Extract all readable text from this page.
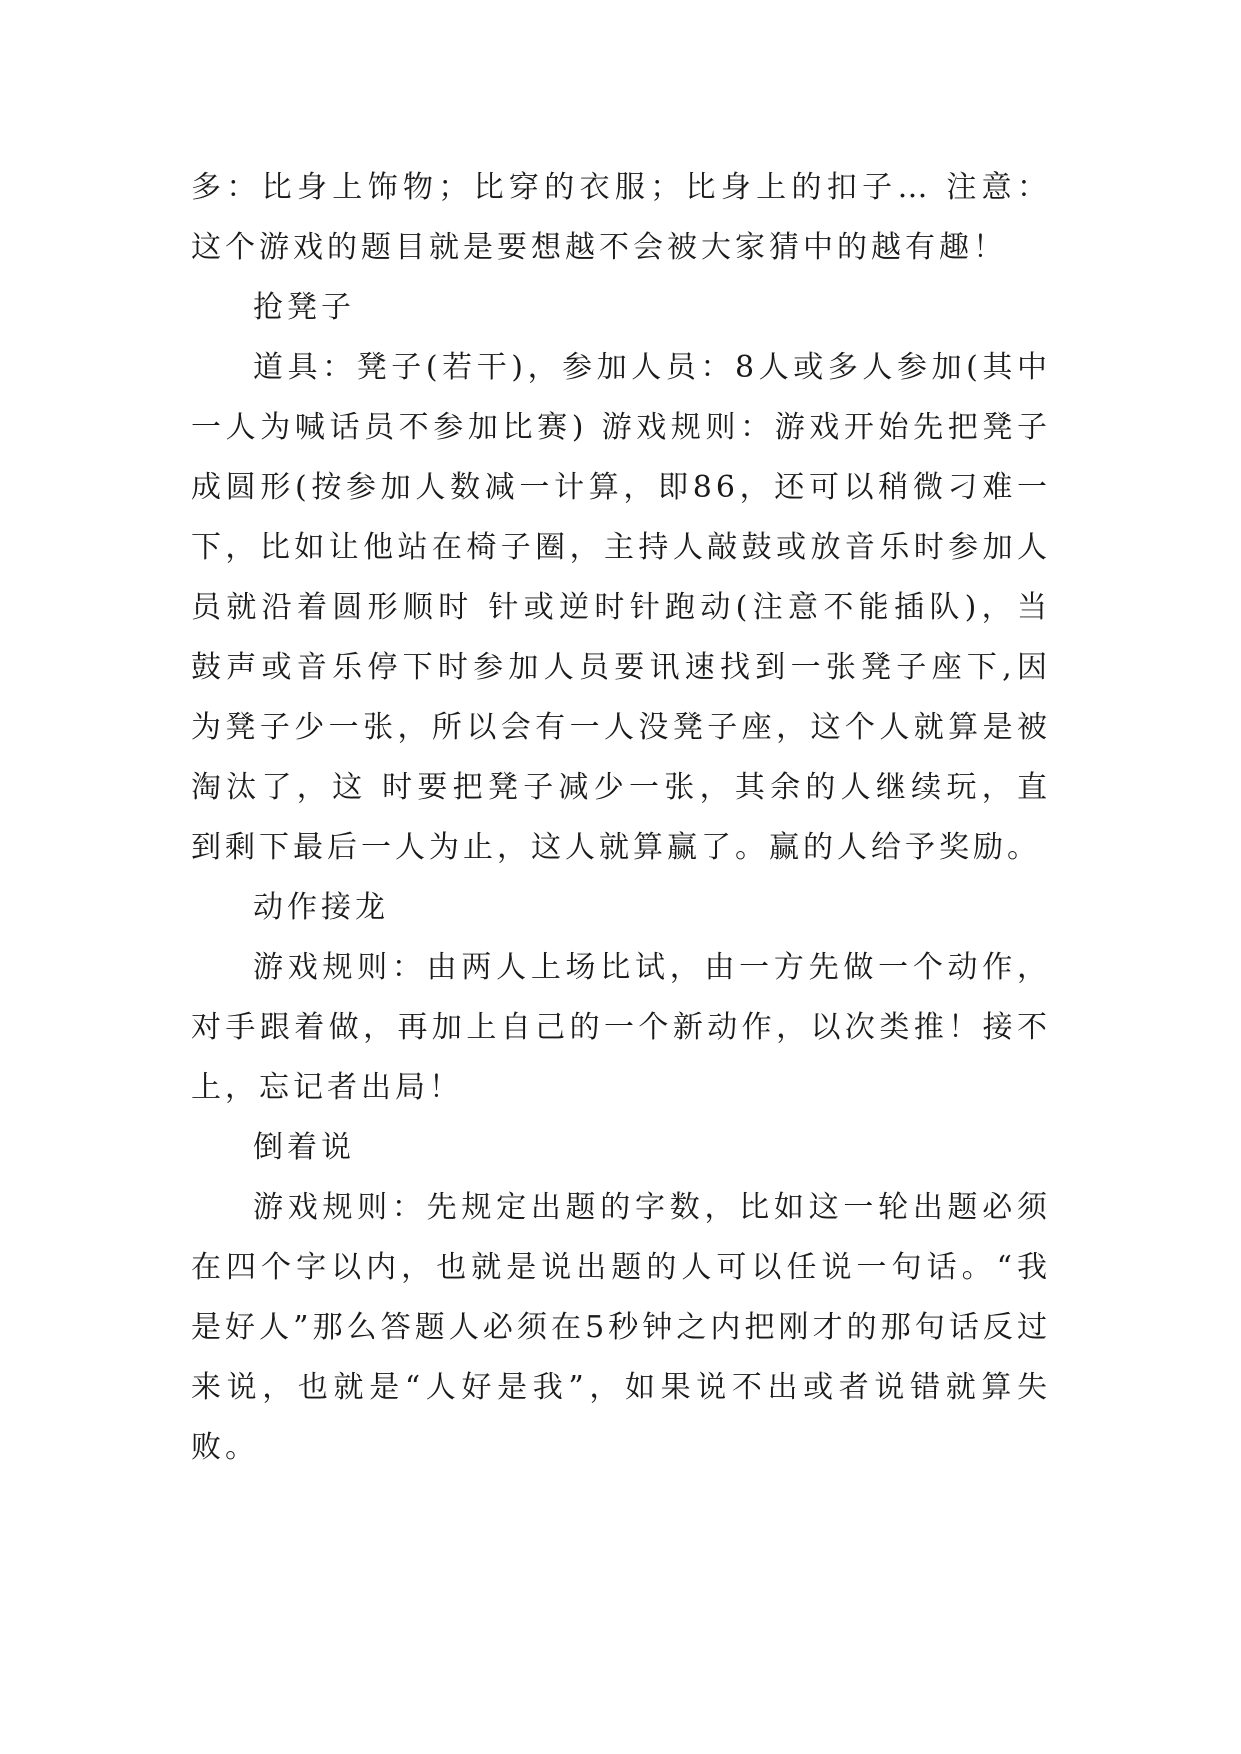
多：比身上饰物；比穿的衣服；比身上的扣子… 注意：这个游戏的题目就是要想越不会被大家猜中的越有趣！

抢凳子

道具：凳子(若干)，参加人员：8人或多人参加(其中一人为喊话员不参加比赛) 游戏规则：游戏开始先把凳子成圆形(按参加人数减一计算，即86，还可以稍微刁难一下，比如让他站在椅子圈，主持人敲鼓或放音乐时参加人员就沿着圆形顺时 针或逆时针跑动(注意不能插队)，当鼓声或音乐停下时参加人员要讯速找到一张凳子座下,因为凳子少一张，所以会有一人没凳子座，这个人就算是被淘汰了，这 时要把凳子减少一张，其余的人继续玩，直到剩下最后一人为止，这人就算赢了。赢的人给予奖励。

动作接龙

游戏规则：由两人上场比试，由一方先做一个动作，对手跟着做，再加上自己的一个新动作，以次类推！接不上，忘记者出局！

倒着说

游戏规则：先规定出题的字数，比如这一轮出题必须在四个字以内，也就是说出题的人可以任说一句话。“我是好人”那么答题人必须在5秒钟之内把刚才的那句话反过来说，也就是“人好是我”，如果说不出或者说错就算失败。
